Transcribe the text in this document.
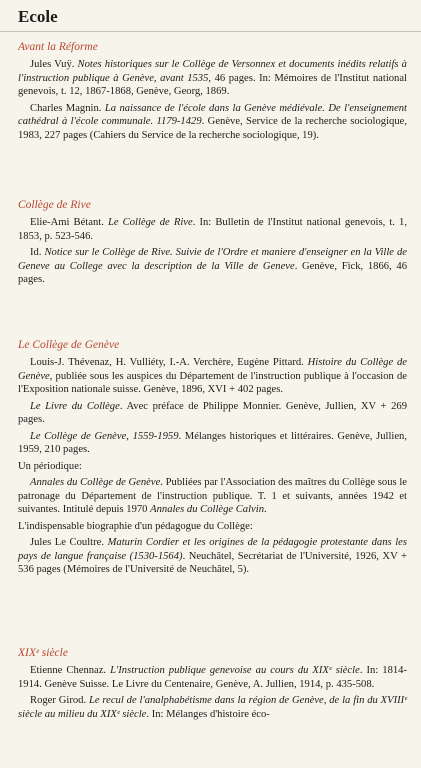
Ecole

Avant la Réforme

Jules Vuÿ. Notes historiques sur le Collège de Versonnex et documents inédits relatifs à l'instruction publique à Genève, avant 1535, 46 pages. In: Mémoires de l'Institut national genevois, t. 12, 1867-1868, Genève, Georg, 1869.

Charles Magnin. La naissance de l'école dans la Genève médiévale. De l'enseignement cathédral à l'école communale. 1179-1429. Genève, Service de la recherche sociologique, 1983, 227 pages (Cahiers du Service de la recherche sociologique, 19).

Collège de Rive

Elie-Ami Bétant. Le Collège de Rive. In: Bulletin de l'Institut national genevois, t. 1, 1853, p. 523-546.

Id. Notice sur le Collège de Rive. Suivie de l'Ordre et maniere d'enseigner en la Ville de Geneve au College avec la description de la Ville de Geneve. Genève, Fick, 1866, 46 pages.

Le Collège de Genève

Louis-J. Thévenaz, H. Vulliéty, I.-A. Verchère, Eugène Pittard. Histoire du Collège de Genève, publiée sous les auspices du Département de l'instruction publique à l'occasion de l'Exposition nationale suisse. Genève, 1896, XVI + 402 pages.

Le Livre du Collège. Avec préface de Philippe Monnier. Genève, Jullien, XV + 269 pages.

Le Collège de Genève, 1559-1959. Mélanges historiques et littéraires. Genève, Jullien, 1959, 210 pages.

Un périodique:

Annales du Collège de Genève. Publiées par l'Association des maîtres du Collège sous le patronage du Département de l'instruction publique. T. 1 et suivants, années 1942 et suivantes. Intitulé depuis 1970 Annales du Collège Calvin.

L'indispensable biographie d'un pédagogue du Collège:

Jules Le Coultre. Maturin Cordier et les origines de la pédagogie protestante dans les pays de langue française (1530-1564). Neuchâtel, Secrétariat de l'Université, 1926, XV + 536 pages (Mémoires de l'Université de Neuchâtel, 5).

XIXᵉ siècle

Etienne Chennaz. L'Instruction publique genevoise au cours du XIXᵉ siècle. In: 1814-1914. Genève Suisse. Le Livre du Centenaire, Genève, A. Jullien, 1914, p. 435-508.

Roger Girod. Le recul de l'analphabétisme dans la région de Genève, de la fin du XVIIIᵉ siècle au milieu du XIXᵉ siècle. In: Mélanges d'histoire éco-
